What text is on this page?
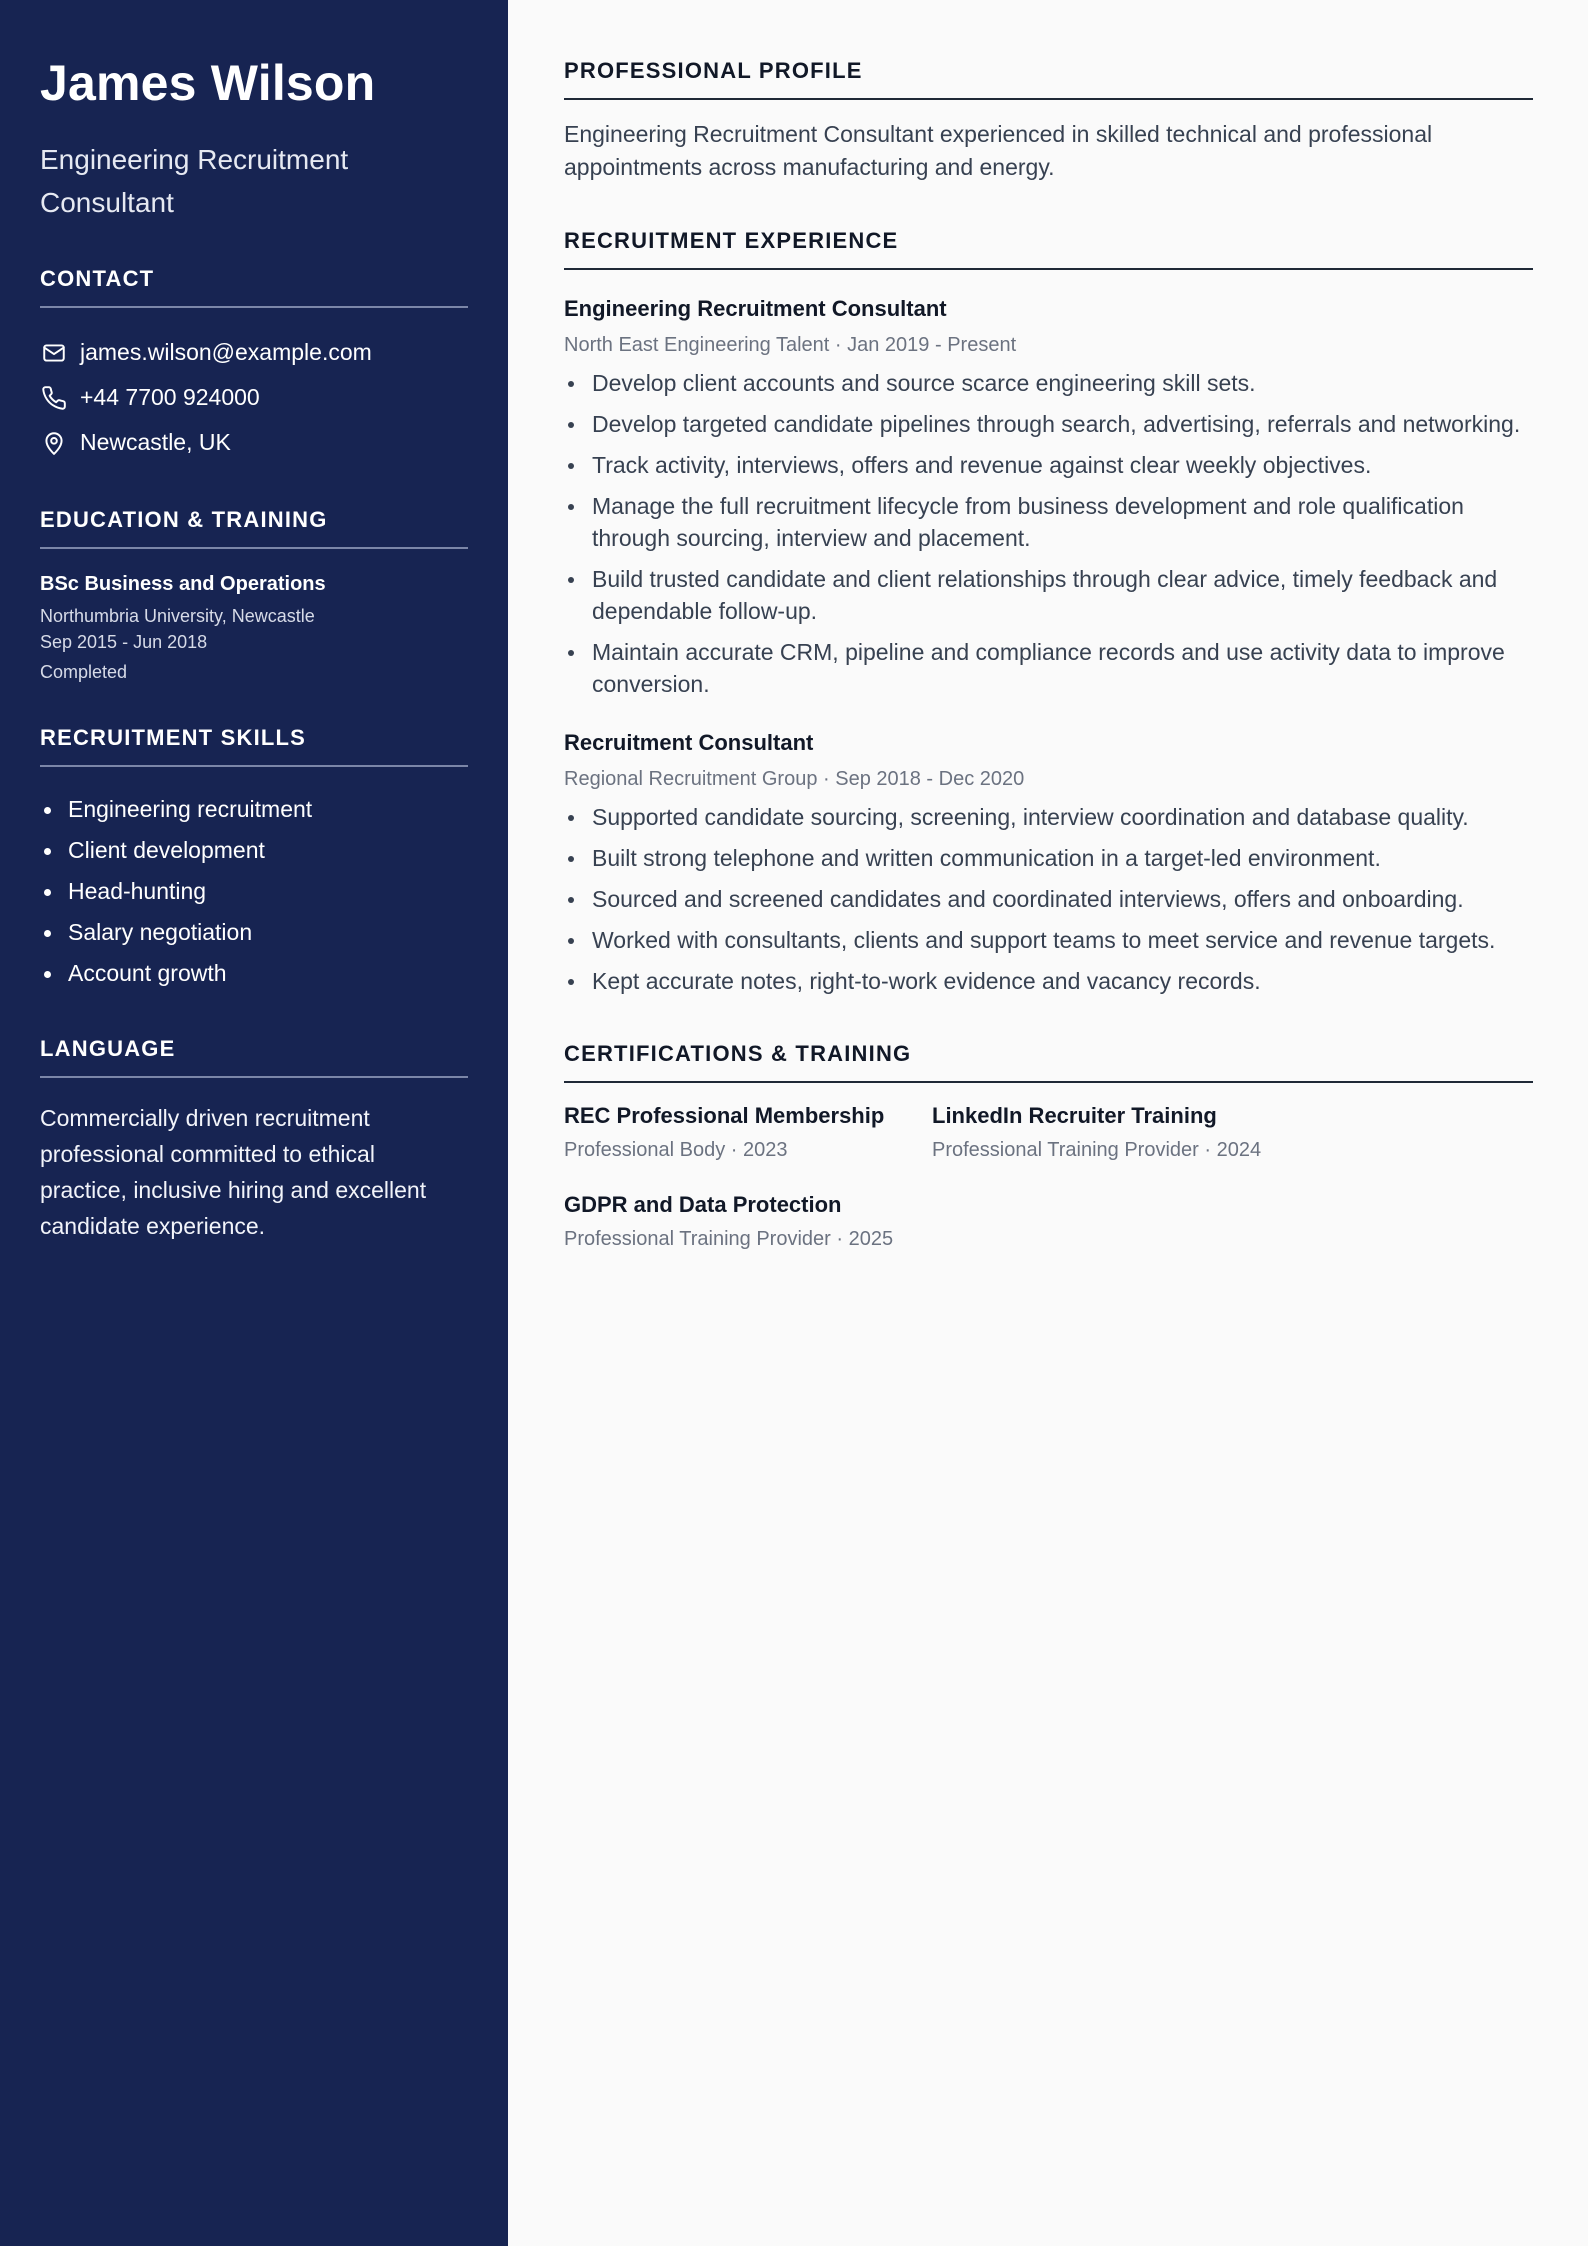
James Wilson
Engineering Recruitment Consultant
CONTACT
james.wilson@example.com
+44 7700 924000
Newcastle, UK
EDUCATION & TRAINING
BSc Business and Operations
Northumbria University, Newcastle
Sep 2015 - Jun 2018
Completed
RECRUITMENT SKILLS
Engineering recruitment
Client development
Head-hunting
Salary negotiation
Account growth
LANGUAGE
Commercially driven recruitment professional committed to ethical practice, inclusive hiring and excellent candidate experience.
PROFESSIONAL PROFILE
Engineering Recruitment Consultant experienced in skilled technical and professional appointments across manufacturing and energy.
RECRUITMENT EXPERIENCE
Engineering Recruitment Consultant
North East Engineering Talent · Jan 2019 - Present
Develop client accounts and source scarce engineering skill sets.
Develop targeted candidate pipelines through search, advertising, referrals and networking.
Track activity, interviews, offers and revenue against clear weekly objectives.
Manage the full recruitment lifecycle from business development and role qualification through sourcing, interview and placement.
Build trusted candidate and client relationships through clear advice, timely feedback and dependable follow-up.
Maintain accurate CRM, pipeline and compliance records and use activity data to improve conversion.
Recruitment Consultant
Regional Recruitment Group · Sep 2018 - Dec 2020
Supported candidate sourcing, screening, interview coordination and database quality.
Built strong telephone and written communication in a target-led environment.
Sourced and screened candidates and coordinated interviews, offers and onboarding.
Worked with consultants, clients and support teams to meet service and revenue targets.
Kept accurate notes, right-to-work evidence and vacancy records.
CERTIFICATIONS & TRAINING
REC Professional Membership
Professional Body · 2023
LinkedIn Recruiter Training
Professional Training Provider · 2024
GDPR and Data Protection
Professional Training Provider · 2025
